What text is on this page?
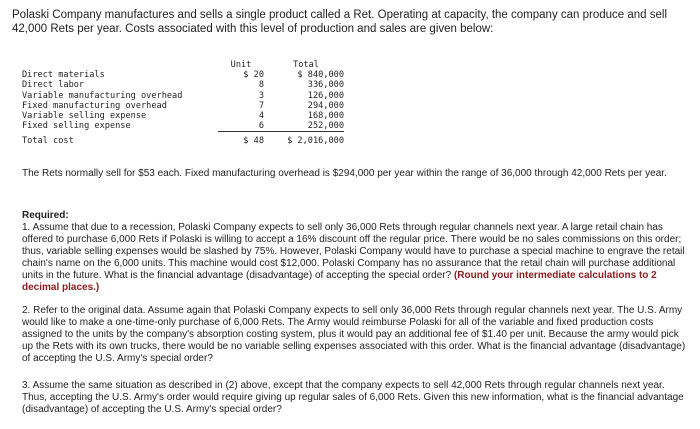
Polaski Company manufactures and sells a single product called a Ret. Operating at capacity, the company can produce and sell 42,000 Rets per year. Costs associated with this level of production and sales are given below:

	Unit	Total
Direct materials	$ 20	$ 840,000
Direct labor	8	336,000
Variable manufacturing overhead	3	126,000
Fixed manufacturing overhead	7	294,000
Variable selling expense	4	168,000
Fixed selling expense	6	252,000
Total cost	$ 48	$ 2,016,000

The Rets normally sell for $53 each. Fixed manufacturing overhead is $294,000 per year within the range of 36,000 through 42,000 Rets per year.

Required:

1. Assume that due to a recession, Polaski Company expects to sell only 36,000 Rets through regular channels next year. A large retail chain has offered to purchase 6,000 Rets if Polaski is willing to accept a 16% discount off the regular price. There would be no sales commissions on this order; thus, variable selling expenses would be slashed by 75%. However, Polaski Company would have to purchase a special machine to engrave the retail chain's name on the 6,000 units. This machine would cost $12,000. Polaski Company has no assurance that the retail chain will purchase additional units in the future. What is the financial advantage (disadvantage) of accepting the special order? (Round your intermediate calculations to 2 decimal places.)

2. Refer to the original data. Assume again that Polaski Company expects to sell only 36,000 Rets through regular channels next year. The U.S. Army would like to make a one-time-only purchase of 6,000 Rets. The Army would reimburse Polaski for all of the variable and fixed production costs assigned to the units by the company's absorption costing system, plus it would pay an additional fee of $1.40 per unit. Because the army would pick up the Rets with its own trucks, there would be no variable selling expenses associated with this order. What is the financial advantage (disadvantage) of accepting the U.S. Army's special order?

3. Assume the same situation as described in (2) above, except that the company expects to sell 42,000 Rets through regular channels next year. Thus, accepting the U.S. Army's order would require giving up regular sales of 6,000 Rets. Given this new information, what is the financial advantage (disadvantage) of accepting the U.S. Army's special order?
